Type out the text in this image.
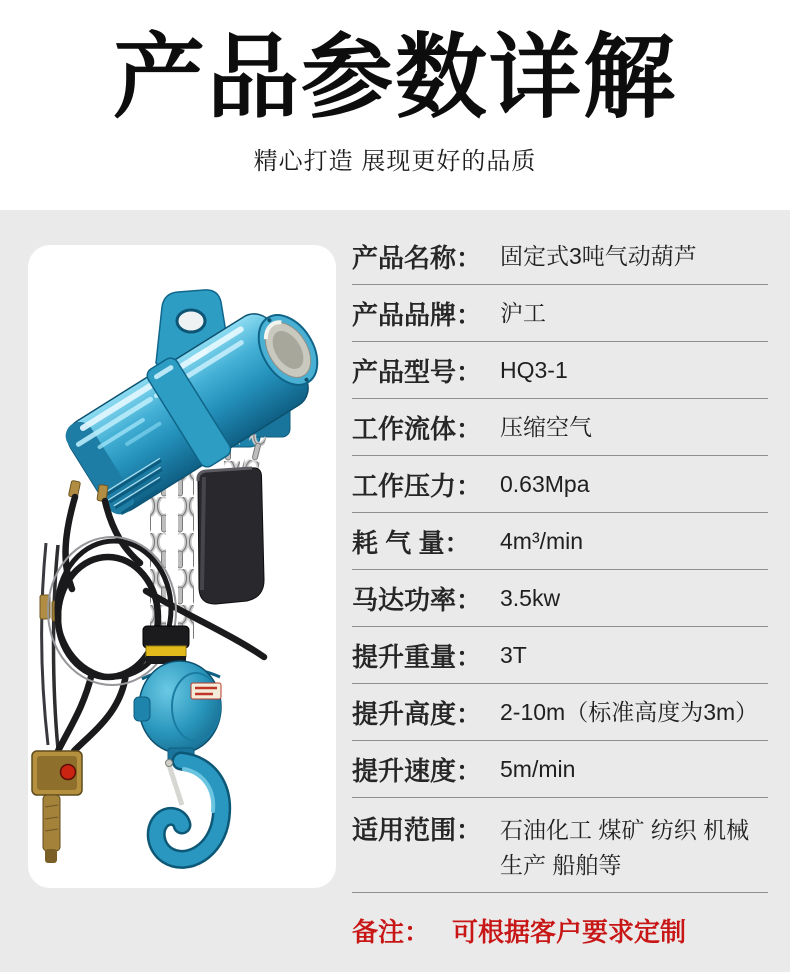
产品参数详解
精心打造 展现更好的品质
产品名称： 固定式3吨气动葫芦
产品品牌： 沪工
产品型号： HQ3-1
工作流体： 压缩空气
工作压力： 0.63Mpa
耗 气 量：	4m³/min
马达功率： 3.5kw
提升重量： 3T
提升高度： 2-10m（标准高度为3m）
提升速度： 5m/min
适用范围： 石油化工 煤矿 纺织 机械 生产 船舶等
备注： 可根据客户要求定制
